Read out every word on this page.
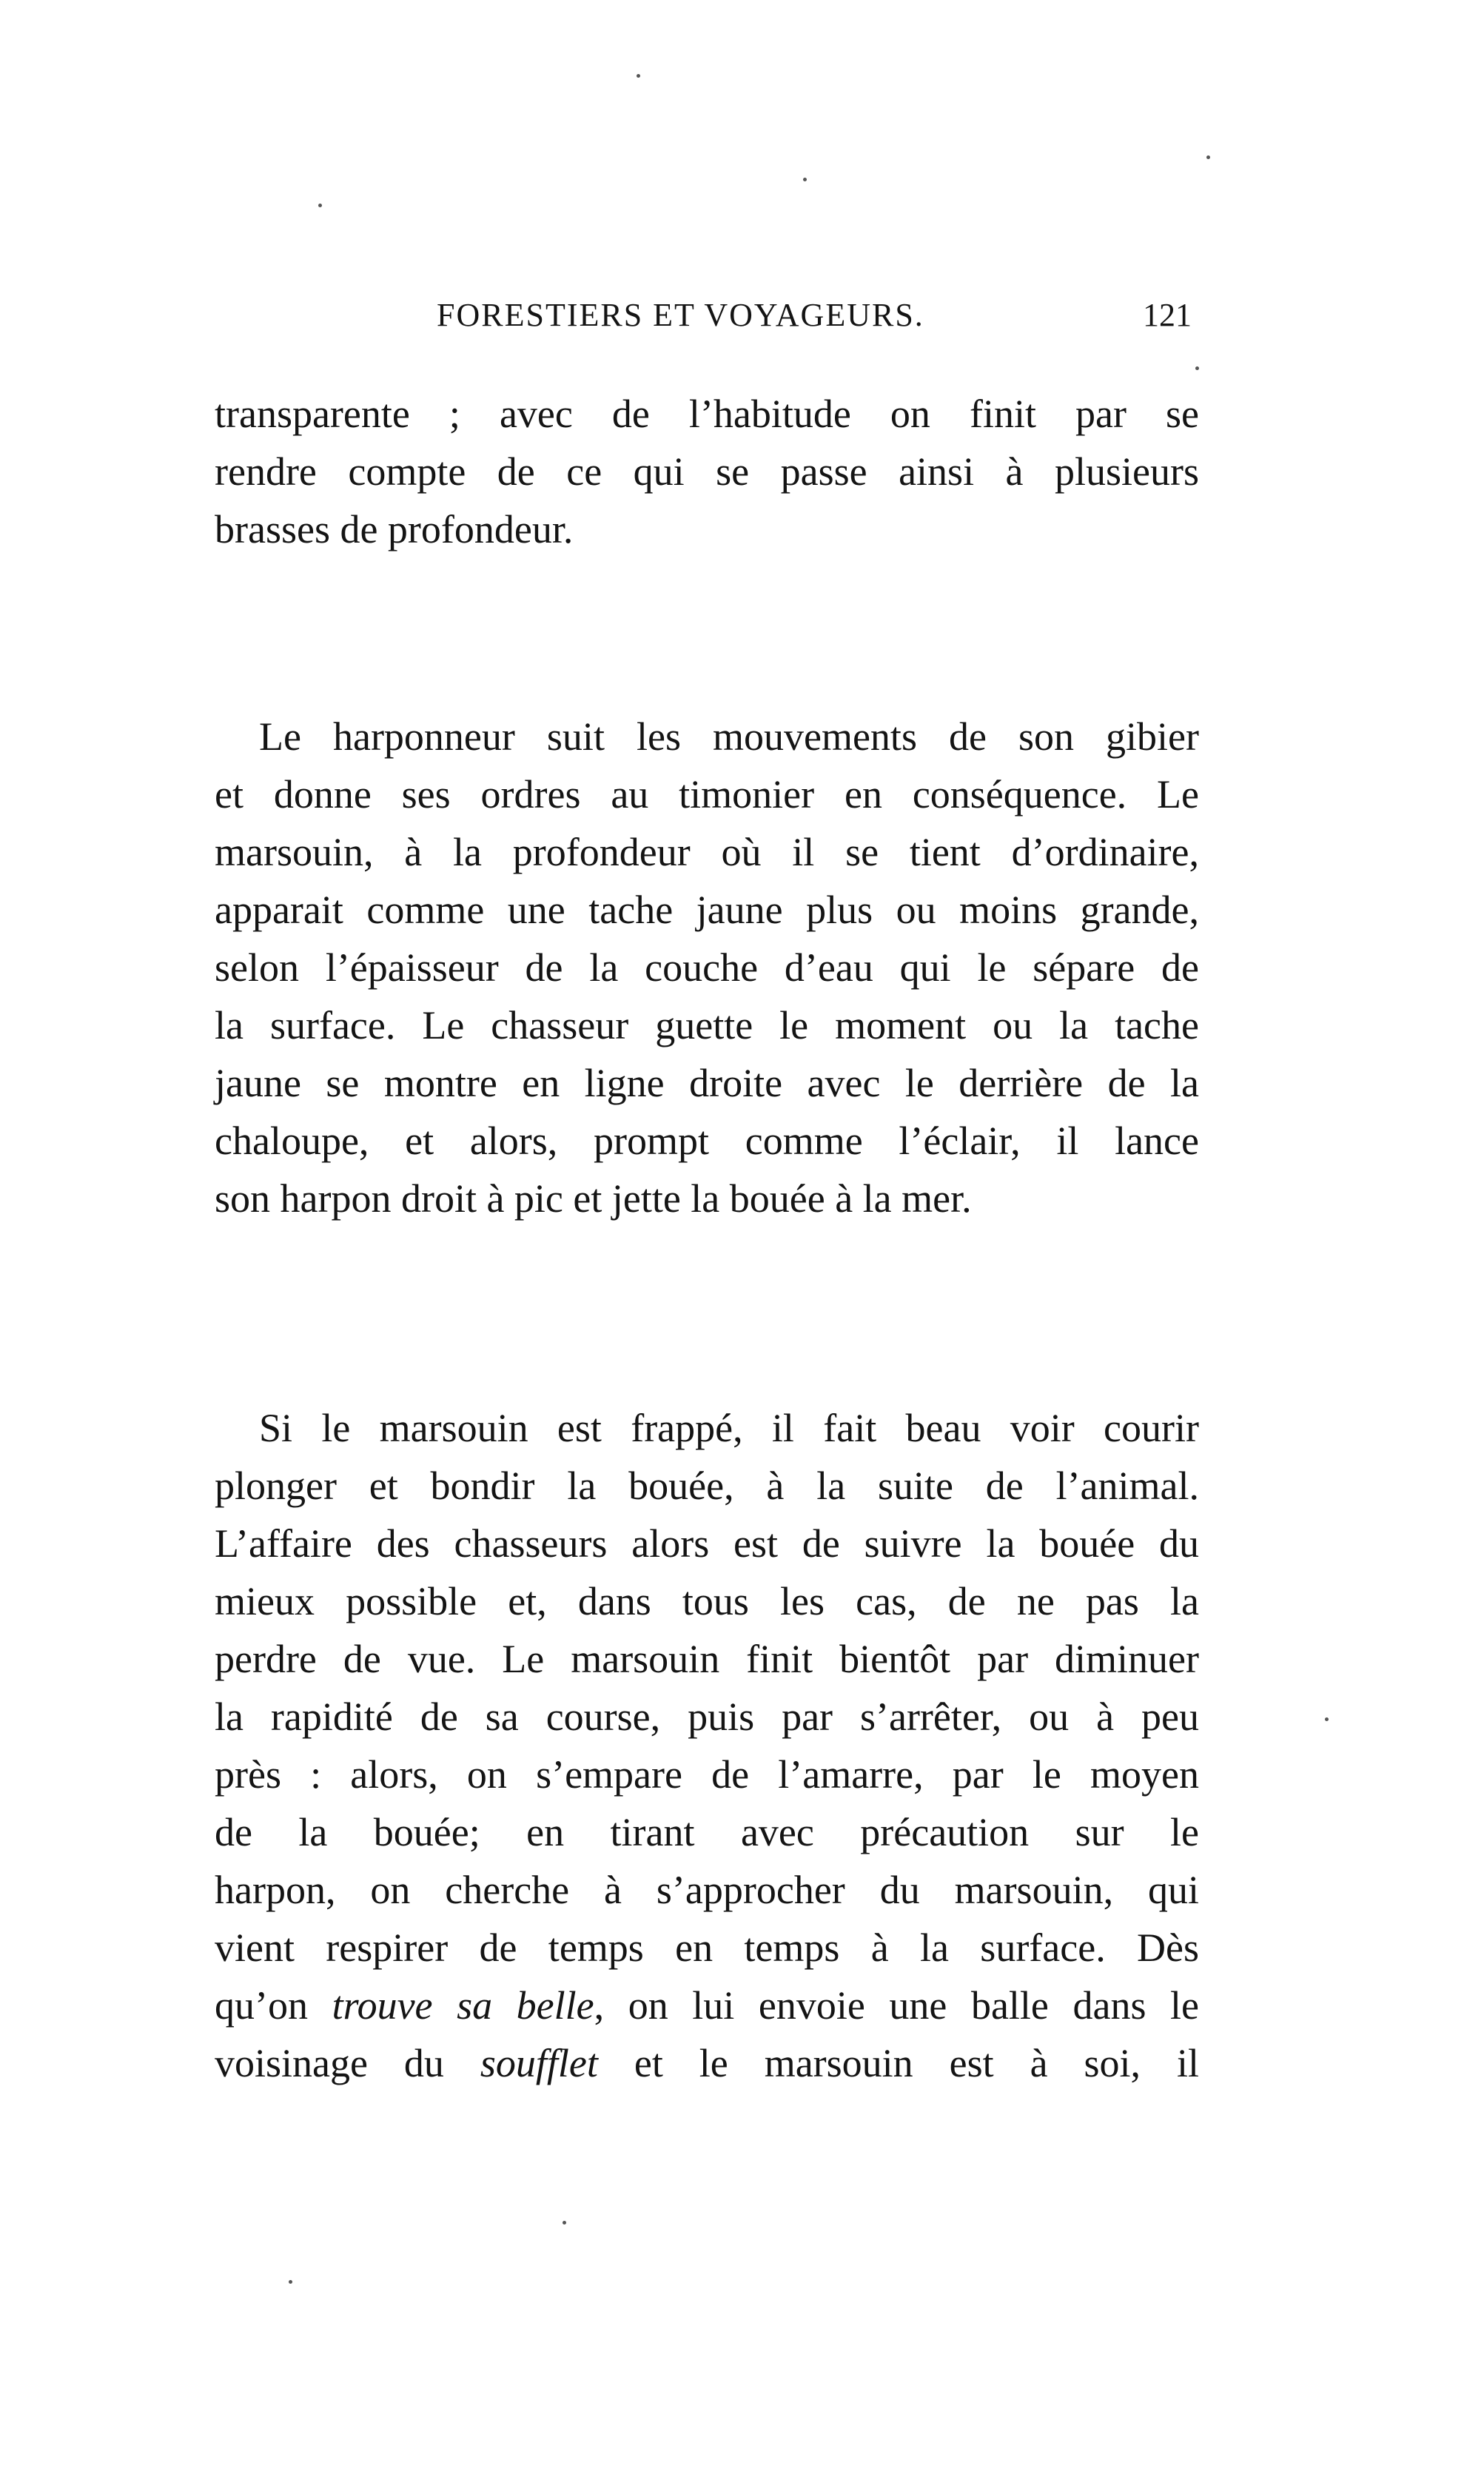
FORESTIERS ET VOYAGEURS.	121
transparente ; avec de l’habitude on finit par se
rendre compte de ce qui se passe ainsi à plusieurs
brasses de profondeur.
Le harponneur suit les mouvements de son gibier
et donne ses ordres au timonier en conséquence. Le
marsouin, à la profondeur où il se tient d’ordinaire,
apparait comme une tache jaune plus ou moins grande,
selon l’épaisseur de la couche d’eau qui le sépare de
la surface. Le chasseur guette le moment ou la tache
jaune se montre en ligne droite avec le derrière de la
chaloupe, et alors, prompt comme l’éclair, il lance
son harpon droit à pic et jette la bouée à la mer.
Si le marsouin est frappé, il fait beau voir courir
plonger et bondir la bouée, à la suite de l’animal.
L’affaire des chasseurs alors est de suivre la bouée du
mieux possible et, dans tous les cas, de ne pas la
perdre de vue. Le marsouin finit bientôt par diminuer
la rapidité de sa course, puis par s’arrêter, ou à peu
près : alors, on s’empare de l’amarre, par le moyen
de la bouée; en tirant avec précaution sur le
harpon, on cherche à s’approcher du marsouin, qui
vient respirer de temps en temps à la surface. Dès
qu’on trouve sa belle, on lui envoie une balle dans le
voisinage du soufflet et le marsouin est à soi, il
